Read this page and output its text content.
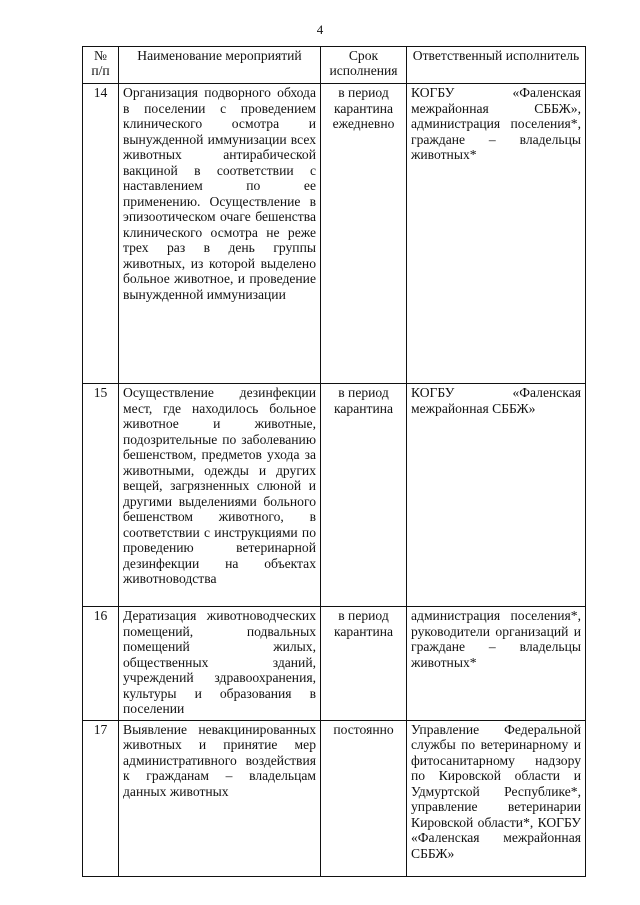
4
№ п/п	Наименование мероприятий	Срок исполнения	Ответственный исполнитель
14	Организация подворного обхода в поселении с проведением клинического осмотра и вынужденной иммунизации всех животных антирабической вакциной в соответствии с наставлением по ее применению. Осуществление в эпизоотическом очаге бешенства клинического осмотра не реже трех раз в день группы животных, из которой выделено больное животное, и проведение вынужденной иммунизации	в период карантина ежедневно	КОГБУ «Фаленская межрайонная СББЖ», администрация поселения*, граждане – владельцы животных*
15	Осуществление дезинфекции мест, где находилось больное животное и животные, подозрительные по заболеванию бешенством, предметов ухода за животными, одежды и других вещей, загрязненных слюной и другими выделениями больного бешенством животного, в соответствии с инструкциями по проведению ветеринарной дезинфекции на объектах животноводства	в период карантина	КОГБУ «Фаленская межрайонная СББЖ»
16	Дератизация животноводческих помещений, подвальных помещений жилых, общественных зданий, учреждений здравоохранения, культуры и образования в поселении	в период карантина	администрация поселения*, руководители организаций и граждане – владельцы животных*
17	Выявление невакцинированных животных и принятие мер административного воздействия к гражданам – владельцам данных животных	постоянно	Управление Федеральной службы по ветеринарному и фитосанитарному надзору по Кировской области и Удмуртской Республике*, управление ветеринарии Кировской области*, КОГБУ «Фаленская межрайонная СББЖ»
